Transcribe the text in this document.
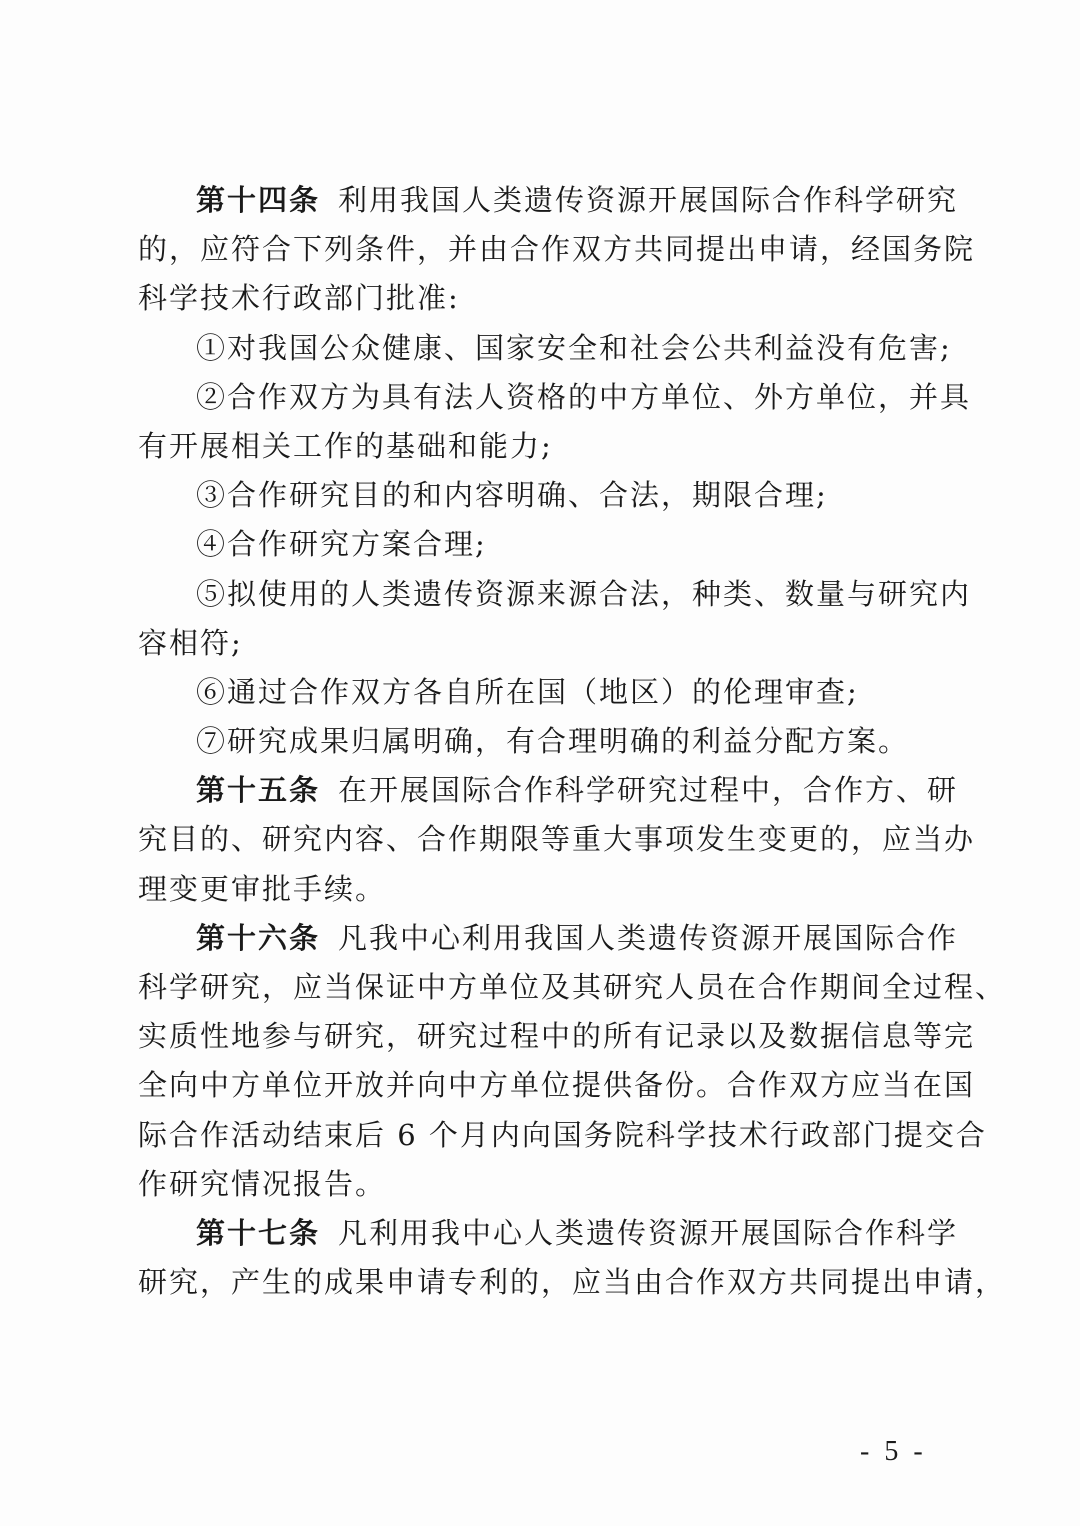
第十四条 利用我国人类遗传资源开展国际合作科学研究
的，应符合下列条件，并由合作双方共同提出申请，经国务院
科学技术行政部门批准:
①对我国公众健康、国家安全和社会公共利益没有危害;
②合作双方为具有法人资格的中方单位、外方单位，并具
有开展相关工作的基础和能力;
③合作研究目的和内容明确、合法，期限合理;
④合作研究方案合理;
⑤拟使用的人类遗传资源来源合法，种类、数量与研究内
容相符;
⑥通过合作双方各自所在国（地区）的伦理审查;
⑦研究成果归属明确，有合理明确的利益分配方案。
第十五条 在开展国际合作科学研究过程中，合作方、研
究目的、研究内容、合作期限等重大事项发生变更的，应当办
理变更审批手续。
第十六条 凡我中心利用我国人类遗传资源开展国际合作
科学研究，应当保证中方单位及其研究人员在合作期间全过程、
实质性地参与研究，研究过程中的所有记录以及数据信息等完
全向中方单位开放并向中方单位提供备份。合作双方应当在国
际合作活动结束后 6 个月内向国务院科学技术行政部门提交合
作研究情况报告。
第十七条 凡利用我中心人类遗传资源开展国际合作科学
研究，产生的成果申请专利的，应当由合作双方共同提出申请，
- 5 -
